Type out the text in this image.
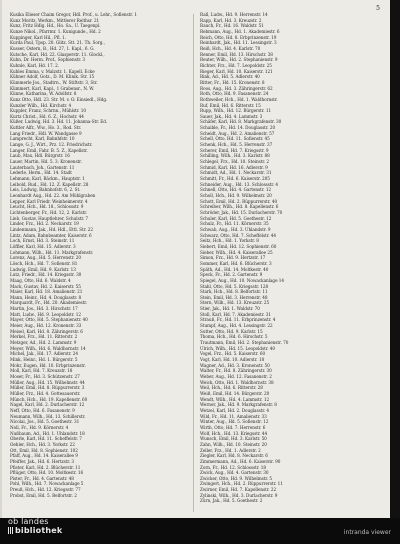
5
Kusika Elieser Chaim Gregor, Hdl. Prof., u. Lehr., Sofienstr. 1
Kunz Moritz, Werkm., Mittlerer Reithsr. 21
Kunz, Fritz Hdlg. Hd., Ho. Sa., U. Taegenpl.
Kunze Nikol., Pfarrmr. 1. Kunigunde., Hd. 2
Kuppinger, Karl Hil., Pfl. 1.
Kurda Paul, Tpsp. 20. Glitz. Stt. 21. Th. Sorg.,
Kusser, Ostern, B., Hd. 27, 1. Kapl., 6. G.
Kutsche, Karl, Hd. 22. Glasperstr. 11. Glockl.,
Kuhn, Dr. Herm. Prof., Sophienstr. 3
Kuhnle, Karl, Hd. 17. 2.
Kuhles Emma, v. Malzstr. 1. Kapell. Ecke
Kühner Adolf, Gotz., D. M. Klinik. Str. 15
Kümmerle Jos., Stadtrn., W. Stiftstr. 3, Str.
Kümmert, Karl, Kapl., 1 Grabensr., N. W.
Künne, Katharina, W. Adolfstr. 8
Kunz Otto, Hdl. 23. Str. M. v. O. Einsiedl., Hdg.
Kunzler Wilh., Hd. Kirchstr. 4
Kuppler, Franz, Schrnn., Mühlstr. 10
Kurtz Christ., Hd. 6. Z., Hochstr. 44
Küßer, Ludwig, Hd. 3. Hd. 11. Johanna-Str. Ed.
Kuttler Alfr., Ww., Ho. 3., Rod. Str.
Lang Friedr., Hdl. W. Wandgasse 9
Lamprecht, Karl, Bahnhfstr. 10
Lange, G. J., Wirt., Prz. 12. Friedrichstr.
Langer, Emil, Fahr. B. 5. Z., Kapellstr.
Laub, Max, Hdl. Bürgrstr. 16
Lauer, Martin, Hd. 5. 3. Kronenstr.
Lauterbach, Joh., Gartenstr. 11
Lederle, Herm., Hd. 14. Stadt
Lehmann, Karl, Bäckm., Hauptstr. 1
Leibold, Rud., Hd. 12. Z. Kapellstr. 28
Leis, Ludwig, Bahnhofstr. 6, 2. St.
Leonhardt Aug., Hd. 22. Am Mühlgraben
Lepper, Karl Friedr. Weinheimerstr. 4
Leucht, Hch., Hd. 18., Schlossstr. 9
Lichtenberger, Fr., Hd. 12, 2. Karlstr.
Lieb, Gustav, Hauptlehrer, Schulstr. 7
Linder, Frz., Hd. 2. Neckarstr. 19
Lindenmann, Jak., Hd. Hdl., Ettl. Str. 22
Lintz, Adam, Bahnbeamter, Kaiserstr. 6
Loch, Ernst, Hd. 3. Steinstr. 11
Löffler, Karl, Hd. 15. Adlerstr. 3
Lohmann, Wilh., Hd. 11. Markgrafenstr.
Lorenz, Aug., Hd. 5. Herrenstr. 20
Lösch, Hch., Hd. 7. Sofienstr. 81
Ludwig, Emil, Hd. 9. Karlstr. 13
Lutz, Friedr., Hd. 14. Kriegsstr. 30
Maag, Otto, Hd. 6. Waldstr. 4
Mack, Gustav, Hd. 2. Kaiserstr. 55
Maier, Karl, Hd. 18. Amalienstr. 21
Mann, Heinr., Hd. 4. Douglasstr. 8
Marquardt, Fr., Hd. 20. Akademiestr.
Martin, Jos., Hd. 3. Hirschstr. 17
Matt, Ludw., Hd. 9. Leopoldstr. 12
Mayer, Otto, Hd. 5. Stephanienstr. 40
Meier, Aug., Hd. 12. Kronenstr. 33
Meisel, Karl, Hd. 8. Zähringerstr. 6
Merkel, Frz., Hd. 11. Ritterstr. 2
Metzger, Ad., Hd. 2. Lammstr. 9
Meyer, Wilh., Hd. 6. Waldhornstr. 14
Michel, Jak., Hd. 17. Adlerstr. 24
Mink, Heinr., Hd. 1. Bürgerstr. 5
Mohr, Eugen, Hd. 10. Erbprinzenstr.
Moll, Karl, Hd. 7. Kreuzstr. 18
Moser, Fr., Hd. 3. Schützenstr. 27
Müller, Aug., Hd. 15. Wilhelmstr. 44
Müller, Emil, Hd. 8. Rüppurrerstr. 3
Müller, Frz., Hd. 4. Gottesauerstr.
Münch, Hch., Hd. 19. Kapellenstr. 60
Nagel, Karl, Hd. 2. Durlacherstr. 12
Neff, Otto, Hd. 6. Fasanenstr. 9
Neumann, Wilh., Hd. 13. Schillerstr.
Nicolai, Jos., Hd. 5. Goethestr. 31
Noll, Fr., Hd. 9. Körnerstr. 4
Nußbaum, Ad., Hd. 1. Uhlandstr. 18
Oberle, Karl, Hd. 11. Scheffelstr. 7
Oehler, Hch., Hd. 3. Yorkstr. 22
Ott, Emil, Hd. 8. Sophienstr. 102
Pfaff, Aug., Hd. 14. Kaiserallee 9
Pfeiffer, Jak., Hd. 6. Hertzstr. 3
Pfister, Karl, Hd. 2. Blücherstr. 11
Pflüger, Otto, Hd. 10. Moltkestr. 16
Pister, Fr., Hd. 4. Gartenstr. 48
Pohl, Wilh., Hd. 7. Nowackanlage 5
Preuß, Hch., Hd. 12. Kriegsstr. 77
Probst, Emil, Hd. 5. Belfortstr. 2
Rall, Ludw., Hd. 9. Herrenstr. 14
Rapp, Karl, Hd. 3. Kreuzstr. 2
Rauch, Fr., Hd. 16. Waldstr. 51
Rebmann, Aug., Hd. 1. Akademiestr. 6
Reich, Otto, Hd. 8. Erbprinzenstr. 19
Reinhardt, Jak., Hd. 11. Lessingstr. 3
Reiß, Hch., Hd. 4. Karlstr. 70
Renner, Emil, Hd. 13. Hirschstr. 38
Reuter, Wilh., Hd. 2. Stephanienstr. 9
Richter, Frz., Hd. 7. Leopoldstr. 25
Rieger, Karl, Hd. 10. Kaiserstr. 121
Rink, Ad., Hd. 5. Adlerstr. 40
Ritter, Fr., Hd. 15. Kronenstr. 8
Roos, Aug., Hd. 3. Zähringerstr. 62
Roth, Otto, Hd. 9. Fasanenstr. 24
Rothweiler, Hch., Hd. 1. Waldhornstr.
Ruf, Emil, Hd. 6. Ritterstr. 15
Rupp, Wilh., Hd. 12. Bürgerstr. 11
Sauer, Jak., Hd. 4. Lammstr. 3
Schäfer, Karl, Hd. 8. Markgrafenstr. 30
Schaible, Fr., Hd. 14. Douglasstr. 20
Scheidt, Aug., Hd. 2. Amalienstr. 57
Schell, Otto, Hd. 11. Sofienstr. 45
Schenk, Hch., Hd. 5. Herrenstr. 37
Scherer, Emil, Hd. 7. Kriegsstr. 9
Schilling, Wilh., Hd. 3. Karlstr. 88
Schlegel, Frz., Hd. 10. Steinstr. 2
Schmid, Karl, Hd. 16. Adlerstr. 9
Schmidt, Ad., Hd. 1. Neckarstr. 31
Schmitt, Fr., Hd. 6. Kaiserstr. 205
Schneider, Aug., Hd. 13. Schlossstr. 4
Schnell, Otto, Hd. 4. Gartenstr. 12
Scholl, Hch., Hd. 9. Wilhelmstr. 20
Schott, Emil, Hd. 2. Rüppurrerstr. 40
Schreiber, Wilh., Hd. 8. Kapellenstr. 6
Schröder, Jak., Hd. 15. Durlacherstr. 70
Schuler, Karl, Hd. 5. Goethestr. 12
Schulz, Fr., Hd. 11. Körnerstr. 35
Schwab, Aug., Hd. 3. Uhlandstr. 9
Schwarz, Otto, Hd. 7. Scheffelstr. 44
Seitz, Hch., Hd. 1. Yorkstr. 8
Siebert, Emil, Hd. 12. Sophienstr. 60
Sieber, Wilh., Hd. 4. Kaiserallee 25
Simon, Frz., Hd. 9. Hertzstr. 17
Sommer, Karl, Hd. 6. Blücherstr. 3
Späth, Ad., Hd. 14. Moltkestr. 40
Speck, Fr., Hd. 2. Gartenstr. 9
Spiegel, Aug., Hd. 10. Nowackanlage 14
Stahl, Otto, Hd. 5. Kriegsstr. 128
Stark, Hch., Hd. 8. Belfortstr. 11
Stein, Emil, Hd. 3. Herrenstr. 48
Stern, Wilh., Hd. 13. Kreuzstr. 25
Stier, Jak., Hd. 1. Waldstr. 70
Stoll, Karl, Hd. 7. Akademiestr. 31
Strauß, Fr., Hd. 11. Erbprinzenstr. 4
Stumpf, Aug., Hd. 4. Lessingstr. 22
Sutter, Otto, Hd. 9. Karlstr. 15
Thoma, Hch., Hd. 6. Hirschstr. 5
Trautmann, Emil, Hd. 2. Stephanienstr. 70
Ulrich, Wilh., Hd. 15. Leopoldstr. 40
Vogel, Frz., Hd. 5. Kaiserstr. 60
Vogt, Karl, Hd. 10. Adlerstr. 18
Wagner, Ad., Hd. 3. Kronenstr. 50
Walter, Fr., Hd. 8. Zähringerstr. 30
Weber, Aug., Hd. 12. Fasanenstr. 2
Weick, Otto, Hd. 1. Waldhornstr. 38
Weil, Hch., Hd. 6. Ritterstr. 28
Weiß, Emil, Hd. 14. Bürgerstr. 20
Wendt, Wilh., Hd. 4. Lammstr. 12
Werner, Jak., Hd. 9. Markgrafenstr. 8
Wetzel, Karl, Hd. 2. Douglasstr. 4
Wild, Fr., Hd. 11. Amalienstr. 33
Winter, Aug., Hd. 5. Sofienstr. 12
Wirth, Otto, Hd. 7. Herrenstr. 6
Wolf, Hch., Hd. 13. Kriegsstr. 44
Wunsch, Emil, Hd. 3. Karlstr. 50
Zahn, Wilh., Hd. 10. Steinstr. 20
Zeller, Frz., Hd. 1. Adlerstr. 2
Ziegler, Karl, Hd. 8. Neckarstr. 6
Zimmermann, Ad., Hd. 6. Kaiserstr. 90
Zorn, Fr., Hd. 12. Schlossstr. 18
Zwick, Aug., Hd. 4. Gartenstr. 30
Zwicker, Otto, Hd. 9. Wilhelmstr. 5
Zwingert, Hch., Hd. 2. Rüppurrerstr. 11
Zwirner, Emil, Hd. 7. Kapellenstr. 22
Zylinski, Wilh., Hd. 3. Durlacherstr. 9
Zürn, Jak., Hd. 5. Goethestr. 2
ob landes
bibliothek	intranda viewer
